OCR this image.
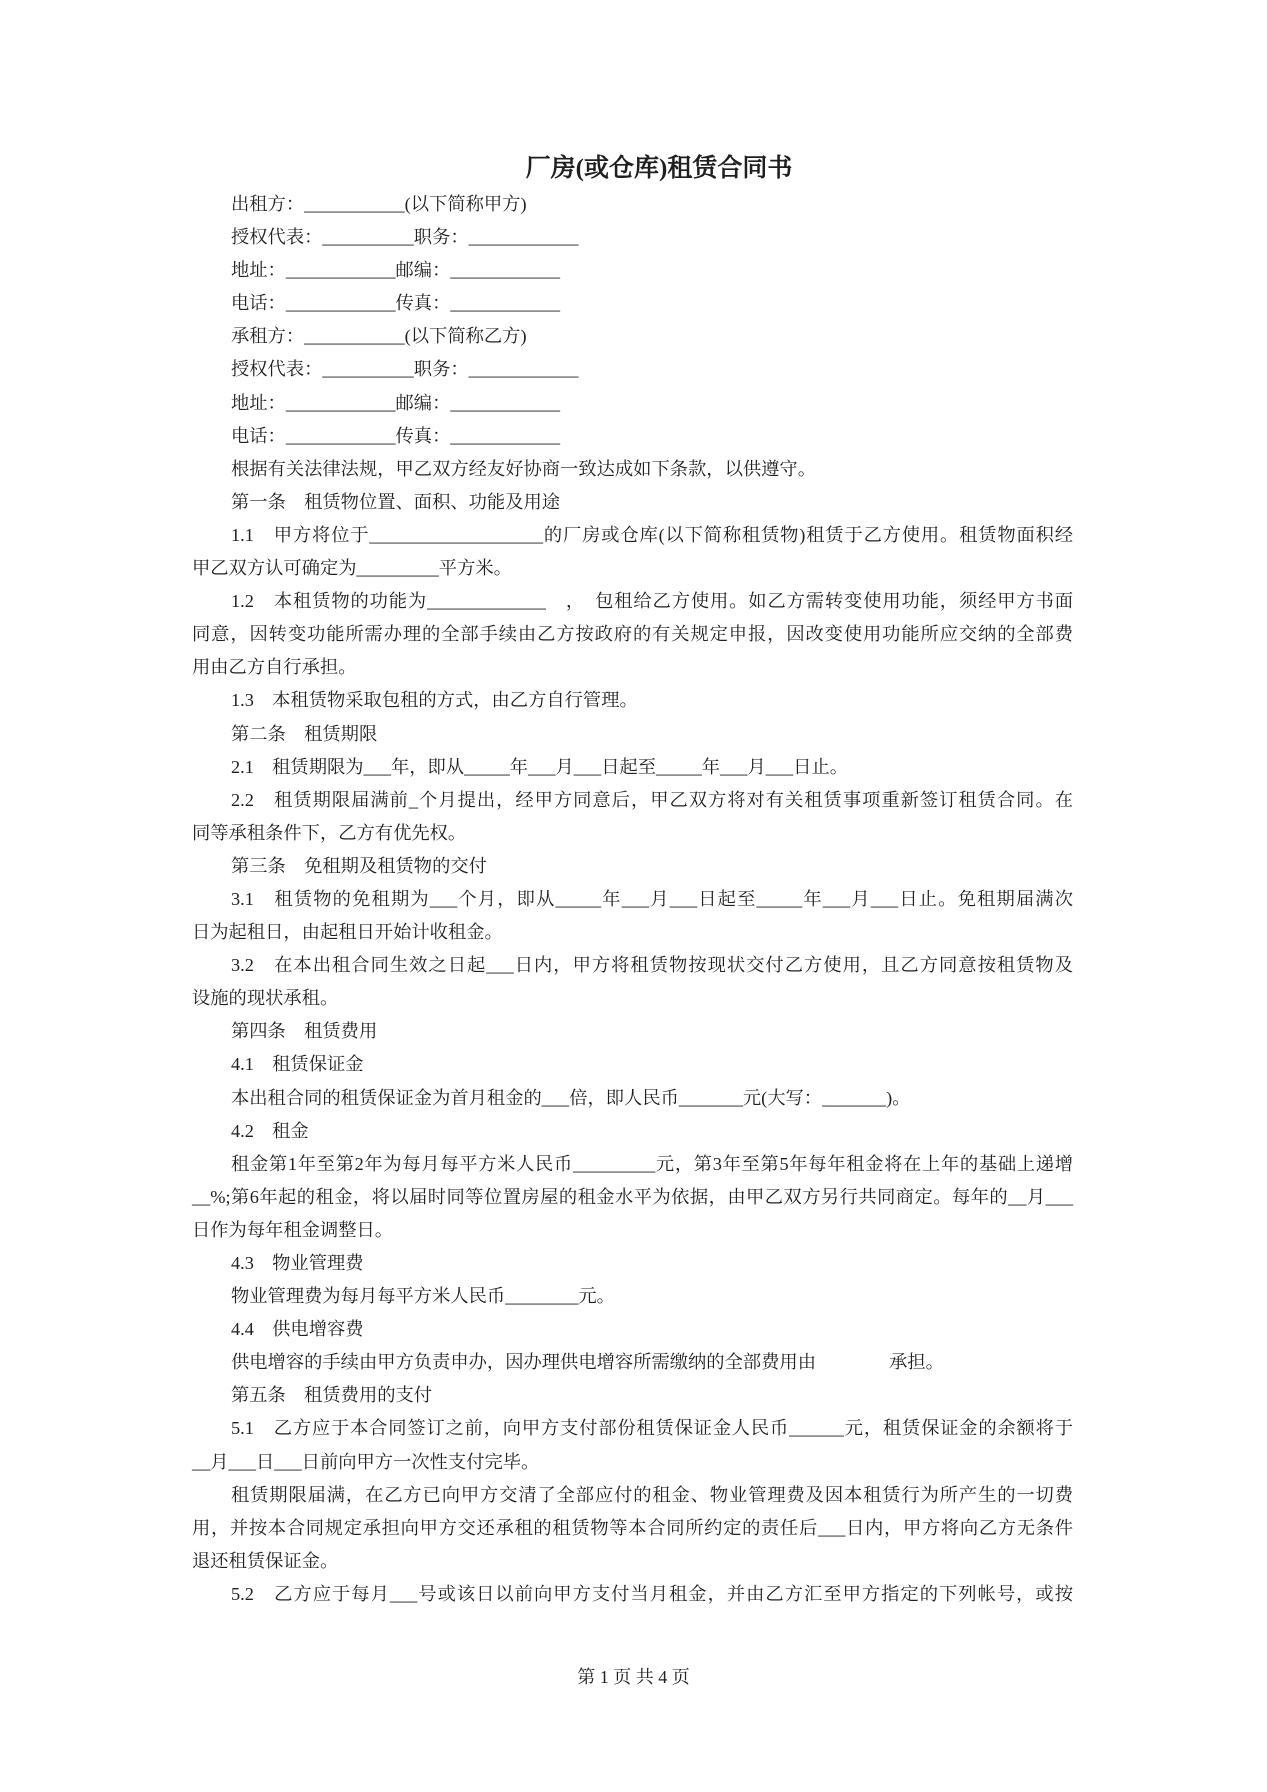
厂房(或仓库)租赁合同书
出租方：___________(以下简称甲方)
授权代表：__________职务：____________
地址：____________邮编：____________
电话：____________传真：____________
承租方：___________(以下简称乙方)
授权代表：__________职务：____________
地址：____________邮编：____________
电话：____________传真：____________
根据有关法律法规，甲乙双方经友好协商一致达成如下条款，以供遵守。
第一条　租赁物位置、面积、功能及用途
1.1　甲方将位于___________________的厂房或仓库(以下简称租赁物)租赁于乙方使用。租赁物面积经
甲乙双方认可确定为_________平方米。
1.2　本租赁物的功能为_____________　，　包租给乙方使用。如乙方需转变使用功能，须经甲方书面
同意，因转变功能所需办理的全部手续由乙方按政府的有关规定申报，因改变使用功能所应交纳的全部费
用由乙方自行承担。
1.3　本租赁物采取包租的方式，由乙方自行管理。
第二条　租赁期限
2.1　租赁期限为___年，即从_____年___月___日起至_____年___月___日止。
2.2　租赁期限届满前_个月提出，经甲方同意后，甲乙双方将对有关租赁事项重新签订租赁合同。在
同等承租条件下，乙方有优先权。
第三条　免租期及租赁物的交付
3.1　租赁物的免租期为___个月，即从_____年___月___日起至_____年___月___日止。免租期届满次
日为起租日，由起租日开始计收租金。
3.2　在本出租合同生效之日起___日内，甲方将租赁物按现状交付乙方使用，且乙方同意按租赁物及
设施的现状承租。
第四条　租赁费用
4.1　租赁保证金
本出租合同的租赁保证金为首月租金的___倍，即人民币_______元(大写：_______)。
4.2　租金
租金第1年至第2年为每月每平方米人民币_________元，第3年至第5年每年租金将在上年的基础上递增
__%;第6年起的租金，将以届时同等位置房屋的租金水平为依据，由甲乙双方另行共同商定。每年的__月___
日作为每年租金调整日。
4.3　物业管理费
物业管理费为每月每平方米人民币________元。
4.4　供电增容费
供电增容的手续由甲方负责申办，因办理供电增容所需缴纳的全部费用由　　　　承担。
第五条　租赁费用的支付
5.1　乙方应于本合同签订之前，向甲方支付部份租赁保证金人民币______元，租赁保证金的余额将于
__月___日___日前向甲方一次性支付完毕。
租赁期限届满，在乙方已向甲方交清了全部应付的租金、物业管理费及因本租赁行为所产生的一切费
用，并按本合同规定承担向甲方交还承租的租赁物等本合同所约定的责任后___日内，甲方将向乙方无条件
退还租赁保证金。
5.2　乙方应于每月___号或该日以前向甲方支付当月租金，并由乙方汇至甲方指定的下列帐号，或按
第 1 页 共 4 页
